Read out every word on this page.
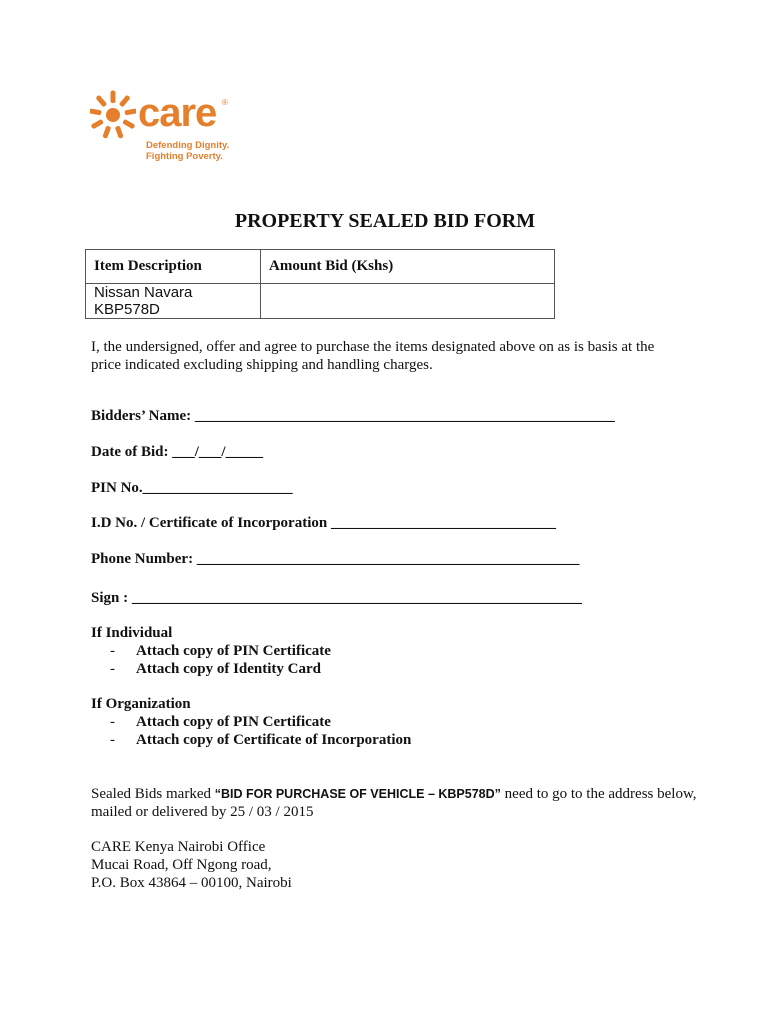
care ®
Defending Dignity.
Fighting Poverty.
PROPERTY SEALED BID FORM
Item Description	Amount Bid (Kshs)
Nissan Navara KBP578D	
I, the undersigned, offer and agree to purchase the items designated above on as is basis at the
price indicated excluding shipping and handling charges.
Bidders’ Name: ________________________________________________________
Date of Bid: ___/___/_____
PIN No.____________________
I.D No. / Certificate of Incorporation ______________________________
Phone Number: ___________________________________________________
Sign : ____________________________________________________________
If Individual
- Attach copy of PIN Certificate
- Attach copy of Identity Card
If Organization
- Attach copy of PIN Certificate
- Attach copy of Certificate of Incorporation
Sealed Bids marked “BID FOR PURCHASE OF VEHICLE – KBP578D” need to go to the address below,
mailed or delivered by 25 / 03 / 2015
CARE Kenya Nairobi Office
Mucai Road, Off Ngong road,
P.O. Box 43864 – 00100, Nairobi
